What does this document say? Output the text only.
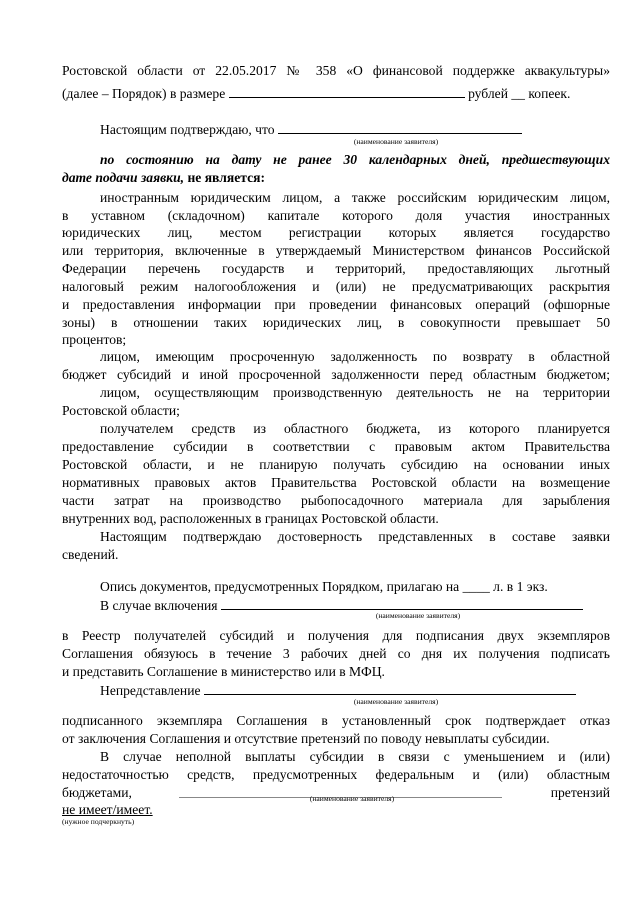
Ростовской области от 22.05.2017 № 358 «О финансовой поддержке аквакультуры»
(далее – Порядок) в размере	рублей __ копеек.
Настоящим подтверждаю, что
(наименование заявителя)
по состоянию на дату не ранее 30 календарных дней, предшествующих
дате подачи заявки, не является:
иностранным юридическим лицом, а также российским юридическим лицом,
в уставном (складочном) капитале которого доля участия иностранных
юридических лиц, местом регистрации которых является государство
или территория, включенные в утверждаемый Министерством финансов Российской
Федерации перечень государств и территорий, предоставляющих льготный
налоговый режим налогообложения и (или) не предусматривающих раскрытия
и предоставления информации при проведении финансовых операций (офшорные
зоны) в отношении таких юридических лиц, в совокупности превышает 50
процентов;
лицом, имеющим просроченную задолженность по возврату в областной
бюджет субсидий и иной просроченной задолженности перед областным бюджетом;
лицом, осуществляющим производственную деятельность не на территории
Ростовской области;
получателем средств из областного бюджета, из которого планируется
предоставление субсидии в соответствии с правовым актом Правительства
Ростовской области, и не планирую получать субсидию на основании иных
нормативных правовых актов Правительства Ростовской области на возмещение
части затрат на производство рыбопосадочного материала для зарыбления
внутренних вод, расположенных в границах Ростовской области.
Настоящим подтверждаю достоверность представленных в составе заявки
сведений.
Опись документов, предусмотренных Порядком, прилагаю на ____ л. в 1 экз.
В случае включения
(наименование заявителя)
в Реестр получателей субсидий и получения для подписания двух экземпляров
Соглашения обязуюсь в течение 3 рабочих дней со дня их получения подписать
и представить Соглашение в министерство или в МФЦ.
Непредставление
(наименование заявителя)
подписанного экземпляра Соглашения в установленный срок подтверждает отказ
от заключения Соглашения и отсутствие претензий по поводу невыплаты субсидии.
В случае неполной выплаты субсидии в связи с уменьшением и (или)
недостаточностью средств, предусмотренных федеральным и (или) областным
бюджетами,	претензий
(наименование заявителя)
не имеет/имеет.
(нужное подчеркнуть)
